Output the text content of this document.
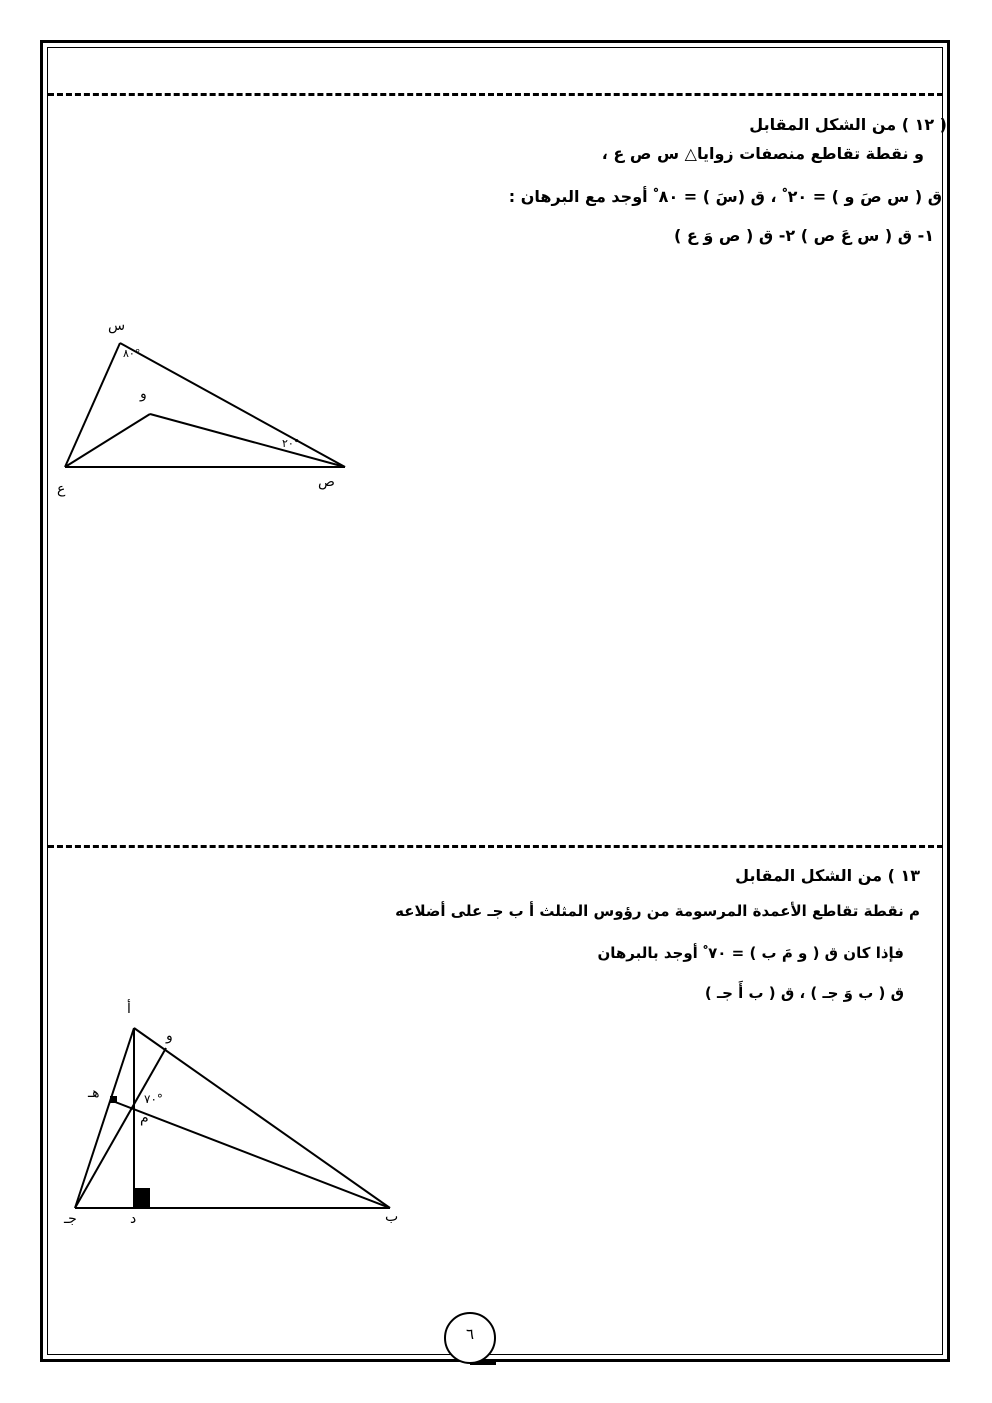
( ١٢ ) من الشكل المقابل
و نقطة تقاطع منصفات زوايا△ س ص ع ،
ق ( س صَ و ) = ٢٠ ْ ، ق (سَ ) = ٨٠ ْ أوجد مع البرهان :
١- ق ( س عَ ص ) ٢- ق ( ص وَ ع )
١٣ ) من الشكل المقابل
م نقطة تقاطع الأعمدة المرسومة من رؤوس المثلث أ ب جـ على أضلاعه
فإذا كان ق ( و مَ ب ) = ٧٠ ْ أوجد بالبرهان
ق ( ب وَ جـ ) ، ق ( ب أَ جـ )
س
٨٠°
و
٢٠°
ع	ص
أ
و
هـ	٧٠°
م
جـ	د	ب
٦
